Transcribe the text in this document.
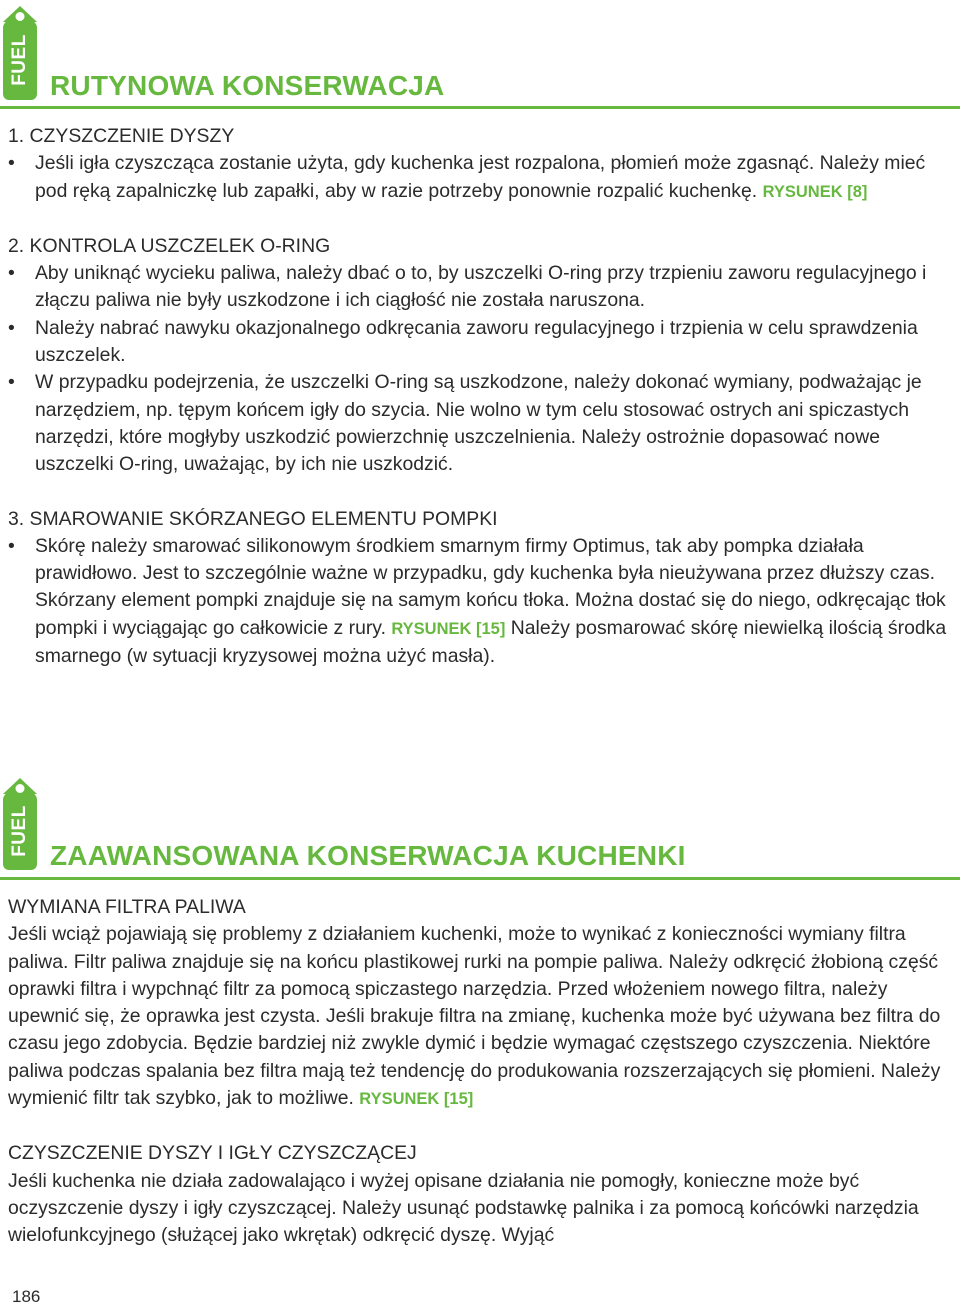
FUEL RUTYNOWA KONSERWACJA
1. CZYSZCZENIE DYSZY
• Jeśli igła czyszcząca zostanie użyta, gdy kuchenka jest rozpalona, płomień może zgasnąć. Należy mieć pod ręką zapalniczkę lub zapałki, aby w razie potrzeby ponownie rozpalić kuchenkę. RYSUNEK [8]
2. KONTROLA USZCZELEK O-RING
• Aby uniknąć wycieku paliwa, należy dbać o to, by uszczelki O-ring przy trzpieniu zaworu regulacyjnego i złączu paliwa nie były uszkodzone i ich ciągłość nie została naruszona.
• Należy nabrać nawyku okazjonalnego odkręcania zaworu regulacyjnego i trzpienia w celu sprawdzenia uszczelek.
• W przypadku podejrzenia, że uszczelki O-ring są uszkodzone, należy dokonać wymiany, podważając je narzędziem, np. tępym końcem igły do szycia. Nie wolno w tym celu stosować ostrych ani spiczastych narzędzi, które mogłyby uszkodzić powierzchnię uszczelnienia. Należy ostrożnie dopasować nowe uszczelki O-ring, uważając, by ich nie uszkodzić.
3. SMAROWANIE SKÓRZANEGO ELEMENTU POMPKI
• Skórę należy smarować silikonowym środkiem smarnym firmy Optimus, tak aby pompka działała prawidłowo. Jest to szczególnie ważne w przypadku, gdy kuchenka była nieużywana przez dłuższy czas. Skórzany element pompki znajduje się na samym końcu tłoka. Można dostać się do niego, odkręcając tłok pompki i wyciągając go całkowicie z rury. RYSUNEK [15] Należy posmarować skórę niewielką ilością środka smarnego (w sytuacji kryzysowej można użyć masła).
FUEL ZAAWANSOWANA KONSERWACJA KUCHENKI
WYMIANA FILTRA PALIWA
Jeśli wciąż pojawiają się problemy z działaniem kuchenki, może to wynikać z konieczności wymiany filtra paliwa. Filtr paliwa znajduje się na końcu plastikowej rurki na pompie paliwa. Należy odkręcić żłobioną część oprawki filtra i wypchnąć filtr za pomocą spiczastego narzędzia. Przed włożeniem nowego filtra, należy upewnić się, że oprawka jest czysta. Jeśli brakuje filtra na zmianę, kuchenka może być używana bez filtra do czasu jego zdobycia. Będzie bardziej niż zwykle dymić i będzie wymagać częstszego czyszczenia. Niektóre paliwa podczas spalania bez filtra mają też tendencję do produkowania rozszerzających się płomieni. Należy wymienić filtr tak szybko, jak to możliwe. RYSUNEK [15]
CZYSZCZENIE DYSZY I IGŁY CZYSZCZĄCEJ
Jeśli kuchenka nie działa zadowalająco i wyżej opisane działania nie pomogły, konieczne może być oczyszczenie dyszy i igły czyszczącej. Należy usunąć podstawkę palnika i za pomocą końcówki narzędzia wielofunkcyjnego (służącej jako wkrętak) odkręcić dyszę. Wyjąć
186
